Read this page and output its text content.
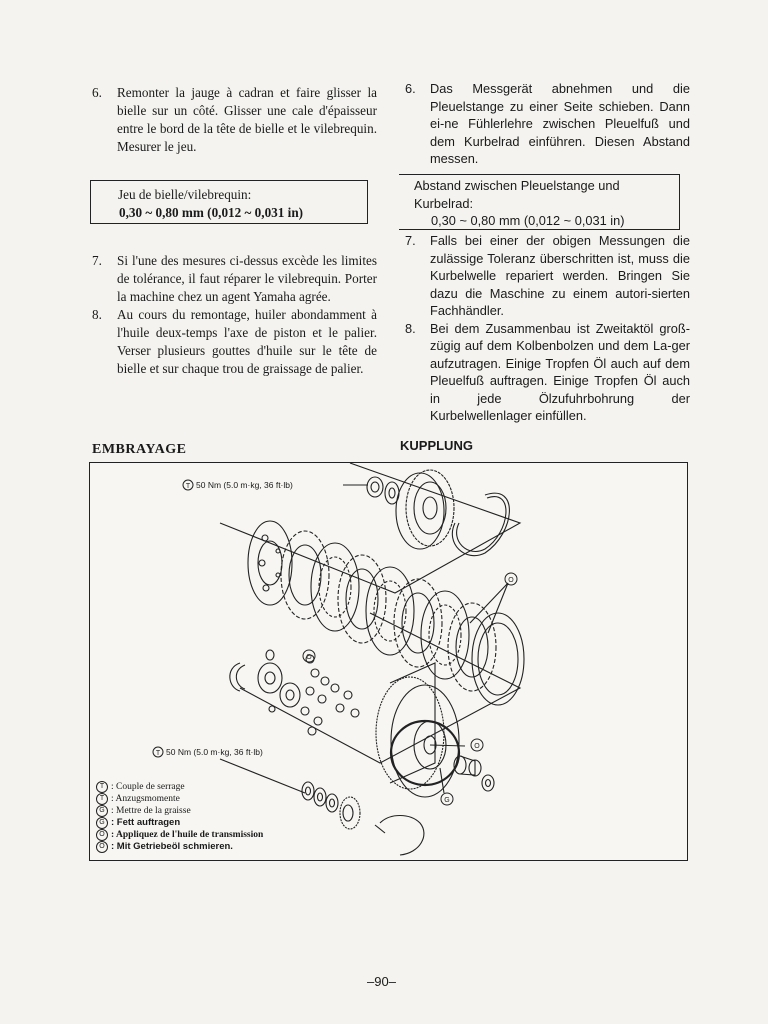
6. Remonter la jauge à cadran et faire glisser la bielle sur un côté. Glisser une cale d'épaisseur entre le bord de la tête de bielle et le vilebrequin. Mesurer le jeu.
Jeu de bielle/vilebrequin:
0,30 ~ 0,80 mm (0,012 ~ 0,031 in)
7. Si l'une des mesures ci-dessus excède les limites de tolérance, il faut réparer le vilebrequin. Porter la machine chez un agent Yamaha agrée.
8. Au cours du remontage, huiler abondamment à l'huile deux-temps l'axe de piston et le palier. Verser plusieurs gouttes d'huile sur le tête de bielle et sur chaque trou de graissage de palier.
6. Das Messgerät abnehmen und die Pleuelstange zu einer Seite schieben. Dann ei-ne Fühlerlehre zwischen Pleuelfuß und dem Kurbelrad einführen. Diesen Abstand messen.
Abstand zwischen Pleuelstange und
Kurbelrad:
0,30 ~ 0,80 mm (0,012 ~ 0,031 in)
7. Falls bei einer der obigen Messungen die zulässige Toleranz überschritten ist, muss die Kurbelwelle repariert werden. Bringen Sie dazu die Maschine zu einem autori-sierten Fachhändler.
8. Bei dem Zusammenbau ist Zweitaktöl groß-zügig auf dem Kolbenbolzen und dem La-ger aufzutragen. Einige Tropfen Öl auch auf dem Pleuelfuß auftragen. Einige Tropfen Öl auch in jede Ölzufuhrbohrung der Kurbelwellenlager einfüllen.
EMBRAYAGE	KUPPLUNG
T
T
O
O
O
G
50 Nm (5.0 m·kg, 36 ft·lb)
50 Nm (5.0 m·kg, 36 ft·lb)
T : Couple de serrage
T : Anzugsmomente
G : Mettre de la graisse
G : Fett auftragen
O : Appliquez de l'huile de transmission
O : Mit Getriebeöl schmieren.
–90–
